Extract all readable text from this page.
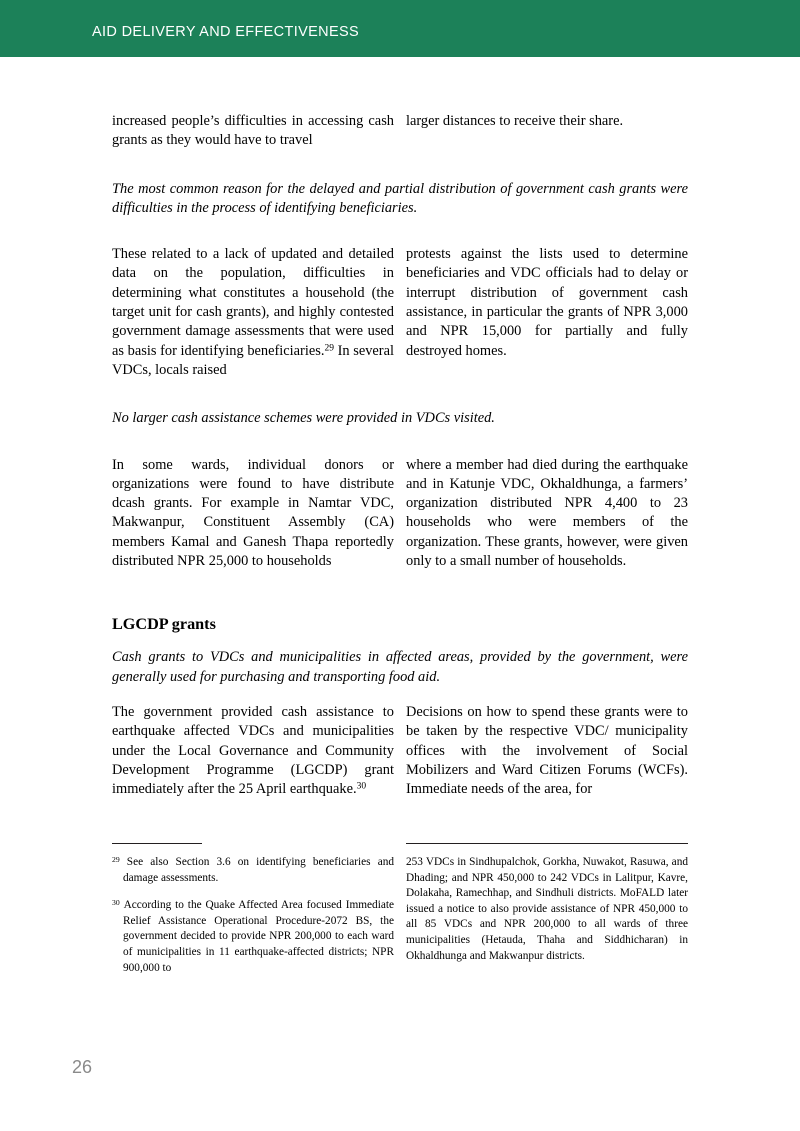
AID DELIVERY AND EFFECTIVENESS

increased people’s difficulties in accessing cash grants as they would have to travel

larger distances to receive their share.

The most common reason for the delayed and partial distribution of government cash grants were difficulties in the process of identifying beneficiaries.

These related to a lack of updated and detailed data on the population, difficulties in determining what constitutes a household (the target unit for cash grants), and highly contested government damage assessments that were used as basis for identifying beneficiaries.$^{29}$ In several VDCs, locals raised

protests against the lists used to determine beneficiaries and VDC officials had to delay or interrupt distribution of government cash assistance, in particular the grants of NPR 3,000 and NPR 15,000 for partially and fully destroyed homes.

No larger cash assistance schemes were provided in VDCs visited.

In some wards, individual donors or organizations were found to have distribute dcash grants. For example in Namtar VDC, Makwanpur, Constituent Assembly (CA) members Kamal and Ganesh Thapa reportedly distributed NPR 25,000 to households

where a member had died during the earthquake and in Katunje VDC, Okhaldhunga, a farmers’ organization distributed NPR 4,400 to 23 households who were members of the organization. These grants, however, were given only to a small number of households.

LGCDP grants

Cash grants to VDCs and municipalities in affected areas, provided by the government, were generally used for purchasing and transporting food aid.

The government provided cash assistance to earthquake affected VDCs and municipalities under the Local Governance and Community Development Programme (LGCDP) grant immediately after the 25 April earthquake.$^{30}$

Decisions on how to spend these grants were to be taken by the respective VDC/ municipality offices with the involvement of Social Mobilizers and Ward Citizen Forums (WCFs). Immediate needs of the area, for

$^{29}$ See also Section 3.6 on identifying beneficiaries and damage assessments.

$^{30}$ According to the Quake Affected Area focused Immediate Relief Assistance Operational Procedure-2072 BS, the government decided to provide NPR 200,000 to each ward of municipalities in 11 earthquake-affected districts; NPR 900,000 to

253 VDCs in Sindhupalchok, Gorkha, Nuwakot, Rasuwa, and Dhading; and NPR 450,000 to 242 VDCs in Lalitpur, Kavre, Dolakaha, Ramechhap, and Sindhuli districts. MoFALD later issued a notice to also provide assistance of NPR 450,000 to all 85 VDCs and NPR 200,000 to all wards of three municipalities (Hetauda, Thaha and Siddhicharan) in Okhaldhunga and Makwanpur districts.

26
